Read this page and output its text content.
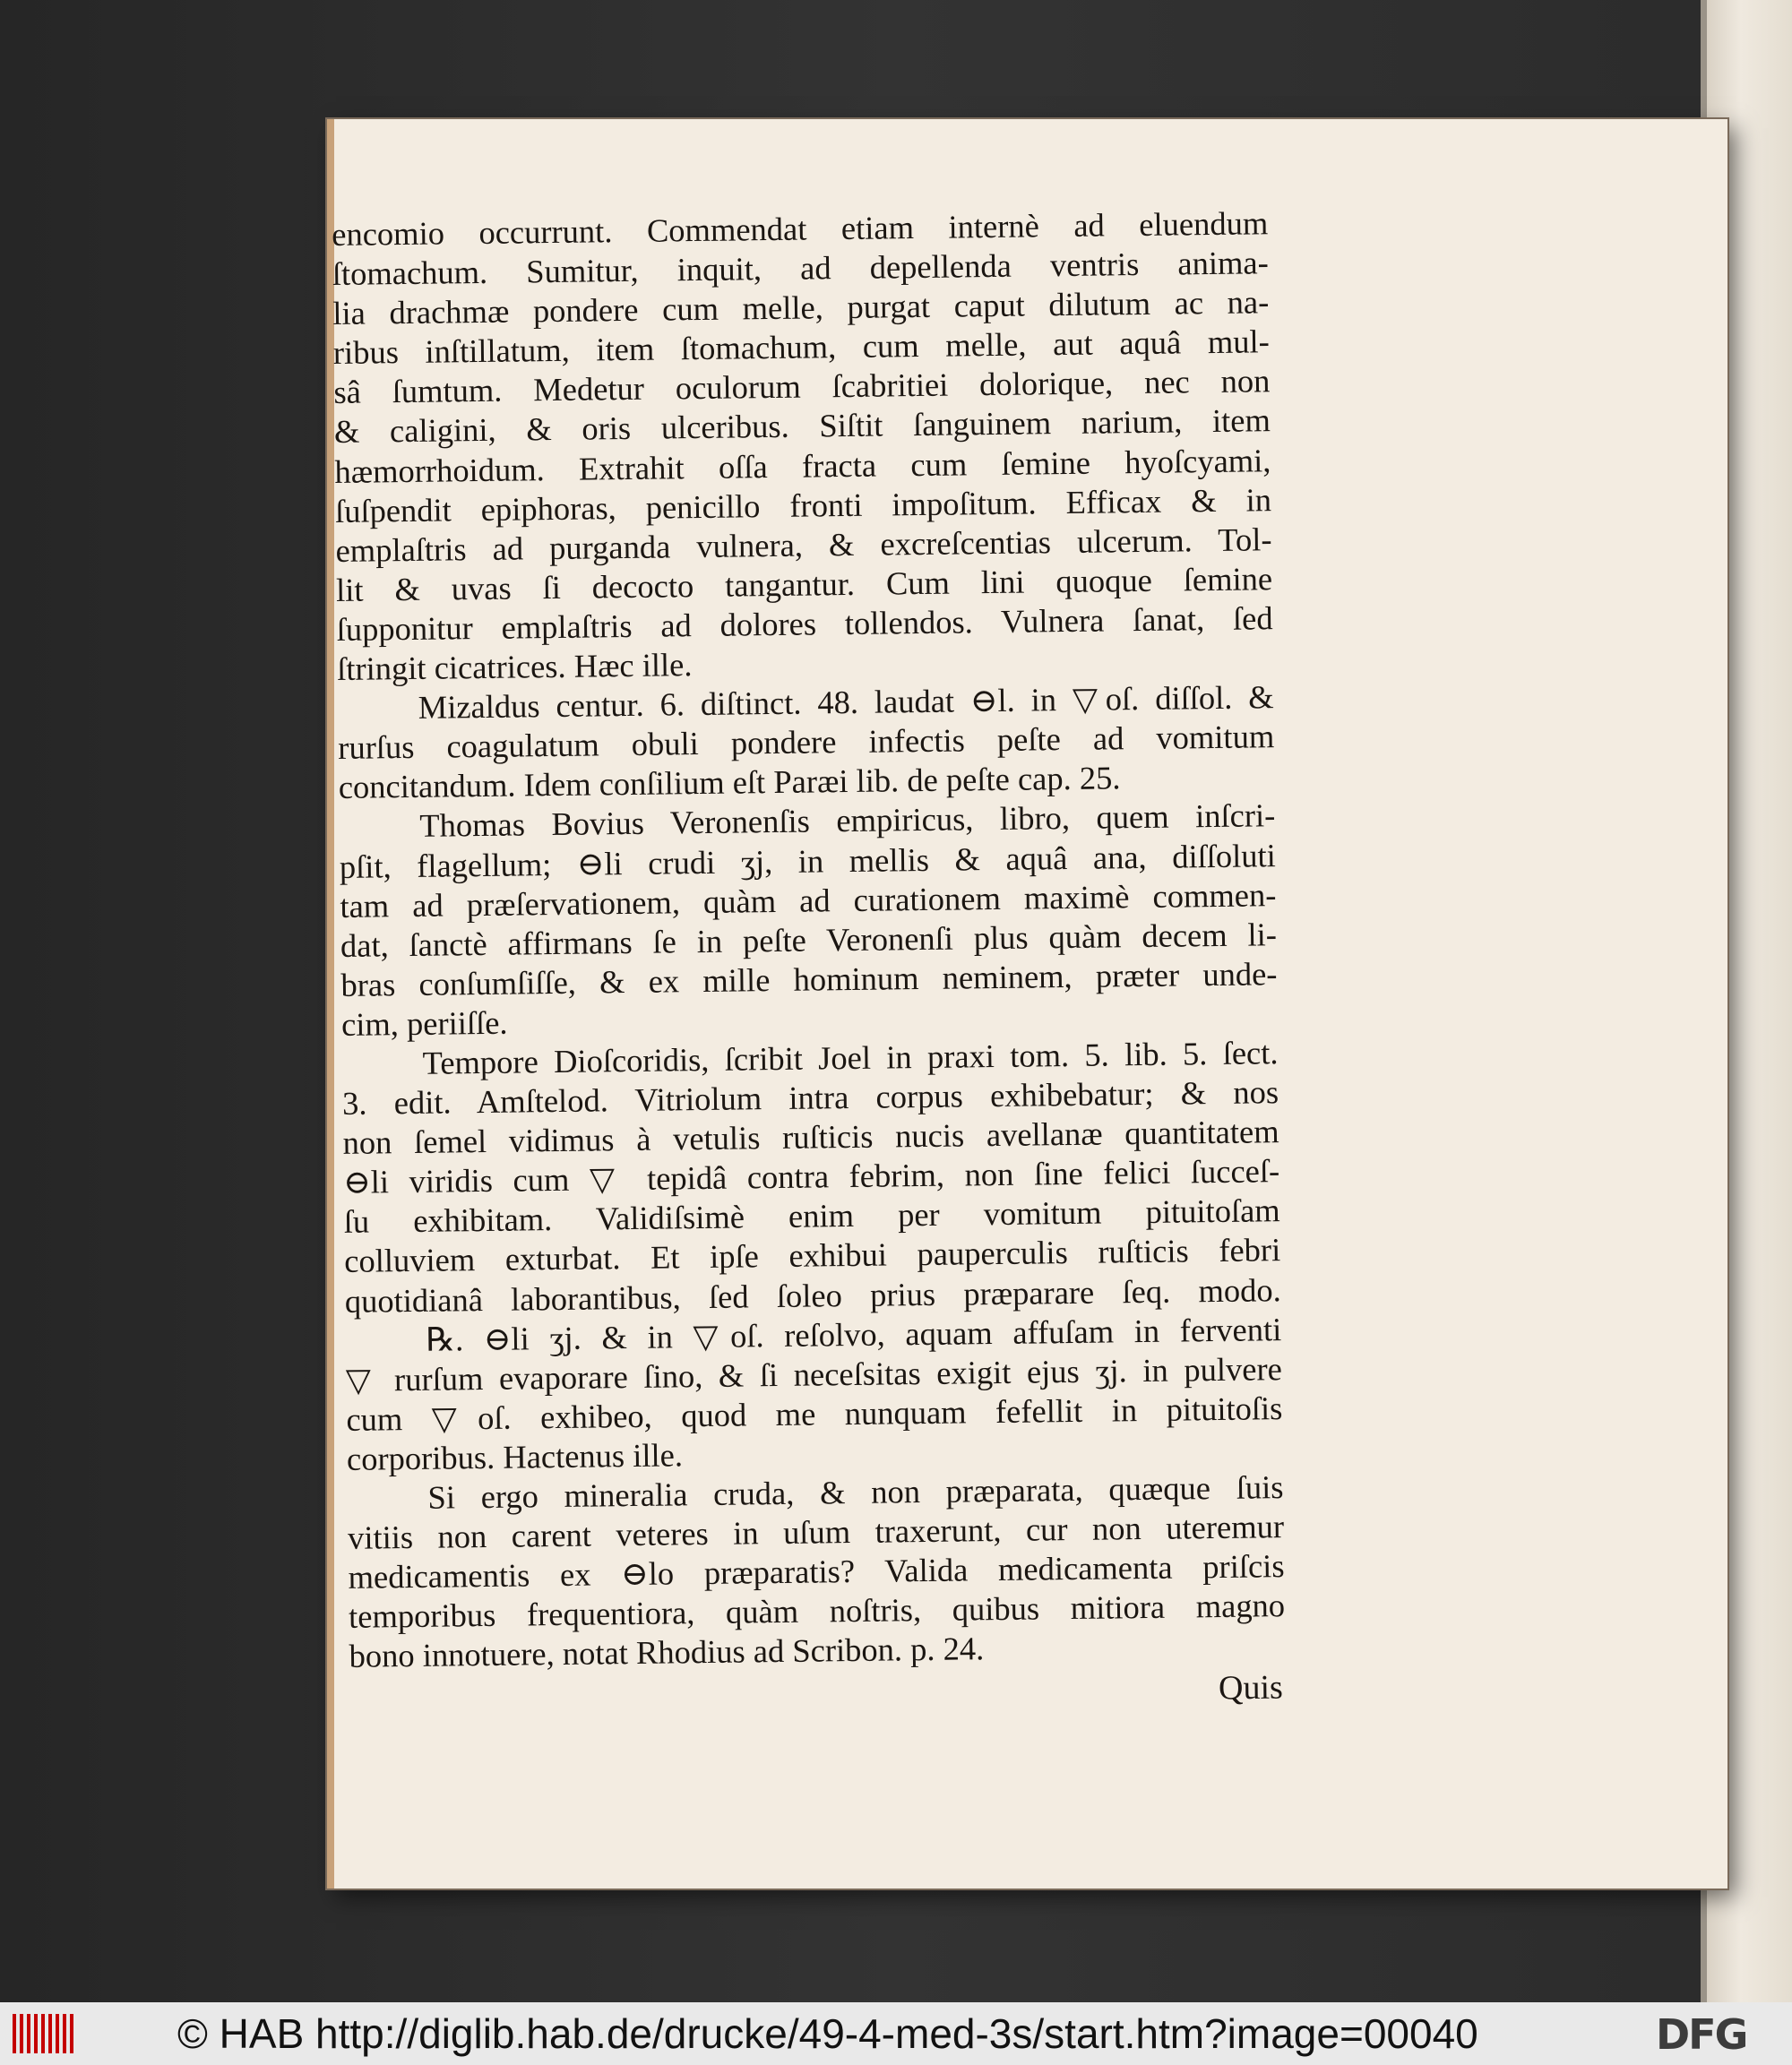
encomio occurrunt. Commendat etiam internè ad eluendum
ſtomachum. Sumitur, inquit, ad depellenda ventris anima-
lia drachmæ pondere cum melle, purgat caput dilutum ac na-
ribus inſtillatum, item ſtomachum, cum melle, aut aquâ mul-
sâ ſumtum. Medetur oculorum ſcabritiei dolorique, nec non
& caligini, & oris ulceribus. Siſtit ſanguinem narium, item
hæmorrhoidum. Extrahit oſſa fracta cum ſemine hyoſcyami,
ſuſpendit epiphoras, penicillo fronti impoſitum. Efficax & in
emplaſtris ad purganda vulnera, & excreſcentias ulcerum. Tol-
lit & uvas ſi decocto tangantur. Cum lini quoque ſemine
ſupponitur emplaſtris ad dolores tollendos. Vulnera ſanat, ſed
ſtringit cicatrices. Hæc ille.
Mizaldus centur. 6. diſtinct. 48. laudat ⊖l. in ▽oſ. diſſol. &
rurſus coagulatum obuli pondere infectis peſte ad vomitum
concitandum. Idem conſilium eſt Paræi lib. de peſte cap. 25.
Thomas Bovius Veronenſis empiricus, libro, quem inſcri-
pſit, flagellum; ⊖li crudi ʒj, in mellis & aquâ ana, diſſoluti
tam ad præſervationem, quàm ad curationem maximè commen-
dat, ſanctè affirmans ſe in peſte Veronenſi plus quàm decem li-
bras conſumſiſſe, & ex mille hominum neminem, præter unde-
cim, periiſſe.
Tempore Dioſcoridis, ſcribit Joel in praxi tom. 5. lib. 5. ſect.
3. edit. Amſtelod. Vitriolum intra corpus exhibebatur; & nos
non ſemel vidimus à vetulis ruſticis nucis avellanæ quantitatem
⊖li viridis cum ▽ tepidâ contra febrim, non ſine felici ſucceſ-
ſu exhibitam. Validiſsimè enim per vomitum pituitoſam
colluviem exturbat. Et ipſe exhibui pauperculis ruſticis febri
quotidianâ laborantibus, ſed ſoleo prius præparare ſeq. modo.
℞. ⊖li ʒj. & in ▽oſ. reſolvo, aquam affuſam in ferventi
▽ rurſum evaporare ſino, & ſi neceſsitas exigit ejus ʒj. in pulvere
cum ▽oſ. exhibeo, quod me nunquam fefellit in pituitoſis
corporibus. Hactenus ille.
Si ergo mineralia cruda, & non præparata, quæque ſuis
vitiis non carent veteres in uſum traxerunt, cur non uteremur
medicamentis ex ⊖lo præparatis? Valida medicamenta priſcis
temporibus frequentiora, quàm noſtris, quibus mitiora magno
bono innotuere, notat Rhodius ad Scribon. p. 24.
Quis
© HAB http://diglib.hab.de/drucke/49-4-med-3s/start.htm?image=00040	DFG
